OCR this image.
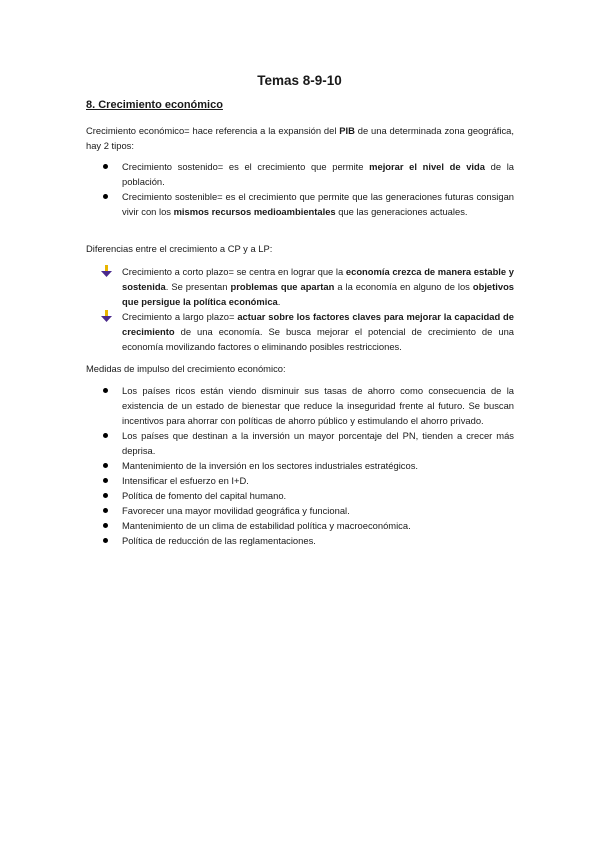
Temas 8-9-10
8. Crecimiento económico

Crecimiento económico= hace referencia a la expansión del PIB de una determinada zona geográfica, hay 2 tipos:

Crecimiento sostenido= es el crecimiento que permite mejorar el nivel de vida de la población.
Crecimiento sostenible= es el crecimiento que permite que las generaciones futuras consigan vivir con los mismos recursos medioambientales que las generaciones actuales.

Diferencias entre el crecimiento a CP y a LP:

Crecimiento a corto plazo= se centra en lograr que la economía crezca de manera estable y sostenida. Se presentan problemas que apartan a la economía en alguno de los objetivos que persigue la política económica.
Crecimiento a largo plazo= actuar sobre los factores claves para mejorar la capacidad de crecimiento de una economía. Se busca mejorar el potencial de crecimiento de una economía movilizando factores o eliminando posibles restricciones.

Medidas de impulso del crecimiento económico:

Los países ricos están viendo disminuir sus tasas de ahorro como consecuencia de la existencia de un estado de bienestar que reduce la inseguridad frente al futuro. Se buscan incentivos para ahorrar con políticas de ahorro público y estimulando el ahorro privado.
Los países que destinan a la inversión un mayor porcentaje del PN, tienden a crecer más deprisa.
Mantenimiento de la inversión en los sectores industriales estratégicos.
Intensificar el esfuerzo en I+D.
Política de fomento del capital humano.
Favorecer una mayor movilidad geográfica y funcional.
Mantenimiento de un clima de estabilidad política y macroeconómica.
Política de reducción de las reglamentaciones.
